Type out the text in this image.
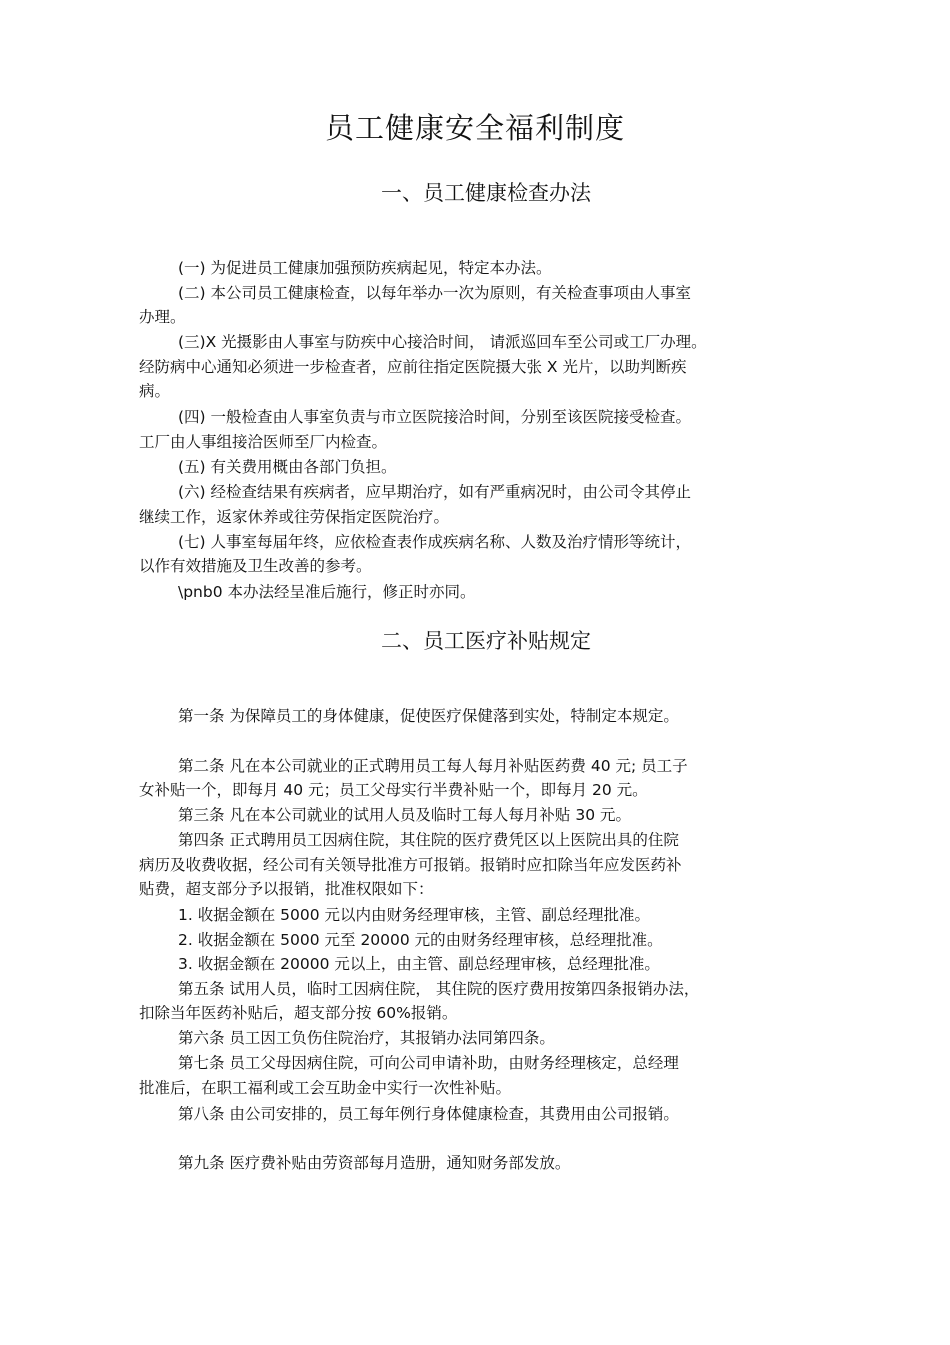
员工健康安全福利制度
一、员工健康检查办法

(一) 为促进员工健康加强预防疾病起见，特定本办法。

(二) 本公司员工健康检查，以每年举办一次为原则，有关检查事项由人事室

办理。

(三)X 光摄影由人事室与防疾中心接洽时间， 请派巡回车至公司或工厂办理。

经防病中心通知必须进一步检查者，应前往指定医院摄大张 X 光片，以助判断疾

病。

(四) 一般检查由人事室负责与市立医院接洽时间，分别至该医院接受检查。

工厂由人事组接洽医师至厂内检查。

(五) 有关费用概由各部门负担。

(六) 经检查结果有疾病者，应早期治疗，如有严重病况时，由公司令其停止

继续工作，返家休养或往劳保指定医院治疗。

(七) 人事室每届年终，应依检查表作成疾病名称、人数及治疗情形等统计，

以作有效措施及卫生改善的参考。

\pnb0 本办法经呈准后施行，修正时亦同。

二、员工医疗补贴规定

第一条 为保障员工的身体健康，促使医疗保健落到实处，特制定本规定。

第二条 凡在本公司就业的正式聘用员工每人每月补贴医药费 40 元; 员工子

女补贴一个，即每月 40 元；员工父母实行半费补贴一个，即每月 20 元。

第三条 凡在本公司就业的试用人员及临时工每人每月补贴 30 元。

第四条 正式聘用员工因病住院，其住院的医疗费凭区以上医院出具的住院

病历及收费收据，经公司有关领导批准方可报销。报销时应扣除当年应发医药补

贴费，超支部分予以报销，批准权限如下：

1. 收据金额在 5000 元以内由财务经理审核，主管、副总经理批准。

2. 收据金额在 5000 元至 20000 元的由财务经理审核，总经理批准。

3. 收据金额在 20000 元以上，由主管、副总经理审核，总经理批准。

第五条 试用人员，临时工因病住院， 其住院的医疗费用按第四条报销办法，

扣除当年医药补贴后，超支部分按 60%报销。

第六条 员工因工负伤住院治疗，其报销办法同第四条。

第七条 员工父母因病住院，可向公司申请补助，由财务经理核定，总经理

批准后，在职工福利或工会互助金中实行一次性补贴。

第八条 由公司安排的，员工每年例行身体健康检查，其费用由公司报销。

第九条 医疗费补贴由劳资部每月造册，通知财务部发放。
